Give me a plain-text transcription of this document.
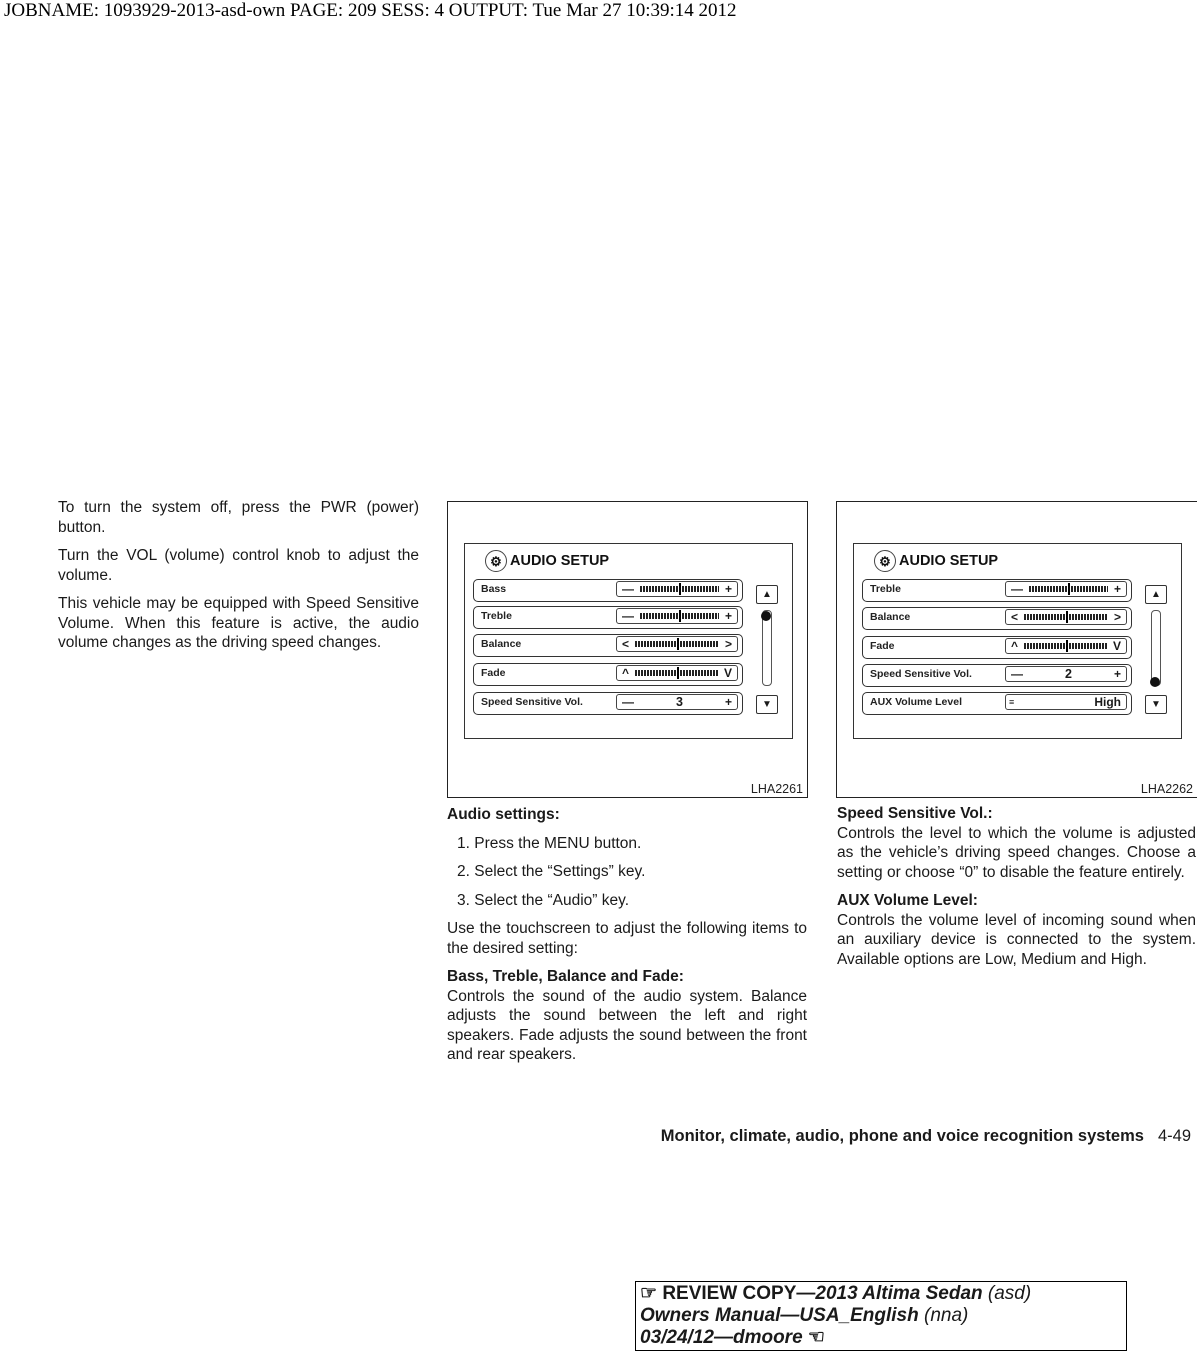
JOBNAME: 1093929-2013-asd-own PAGE: 209 SESS: 4 OUTPUT: Tue Mar 27 10:39:14 2012

To turn the system off, press the PWR (power) button.

Turn the VOL (volume) control knob to adjust the volume.

This vehicle may be equipped with Speed Sensitive Volume. When this feature is active, the audio volume changes as the driving speed changes.

⚙ AUDIO SETUP
Bass	—	+
Treble	—	+
Balance	<	>
Fade	^	V
Speed Sensitive Vol.	—	3	+
▲
▼
LHA2261
⚙ AUDIO SETUP
Treble	—	+
Balance	<	>
Fade	^	V
Speed Sensitive Vol.	—	2	+
AUX Volume Level	≡	High
▲
▼
LHA2262

Audio settings:

1. Press the MENU button.
2. Select the “Settings” key.
3. Select the “Audio” key.

Use the touchscreen to adjust the following items to the desired setting:

Bass, Treble, Balance and Fade:
Controls the sound of the audio system. Balance adjusts the sound between the left and right speakers. Fade adjusts the sound between the front and rear speakers.

Speed Sensitive Vol.:
Controls the level to which the volume is adjusted as the vehicle’s driving speed changes. Choose a setting or choose “0” to disable the feature entirely.

AUX Volume Level:
Controls the volume level of incoming sound when an auxiliary device is connected to the system. Available options are Low, Medium and High.

Monitor, climate, audio, phone and voice recognition systems 4-49
☞ REVIEW COPY—2013 Altima Sedan (asd)
Owners Manual—USA_English (nna)
03/24/12—dmoore ☜
